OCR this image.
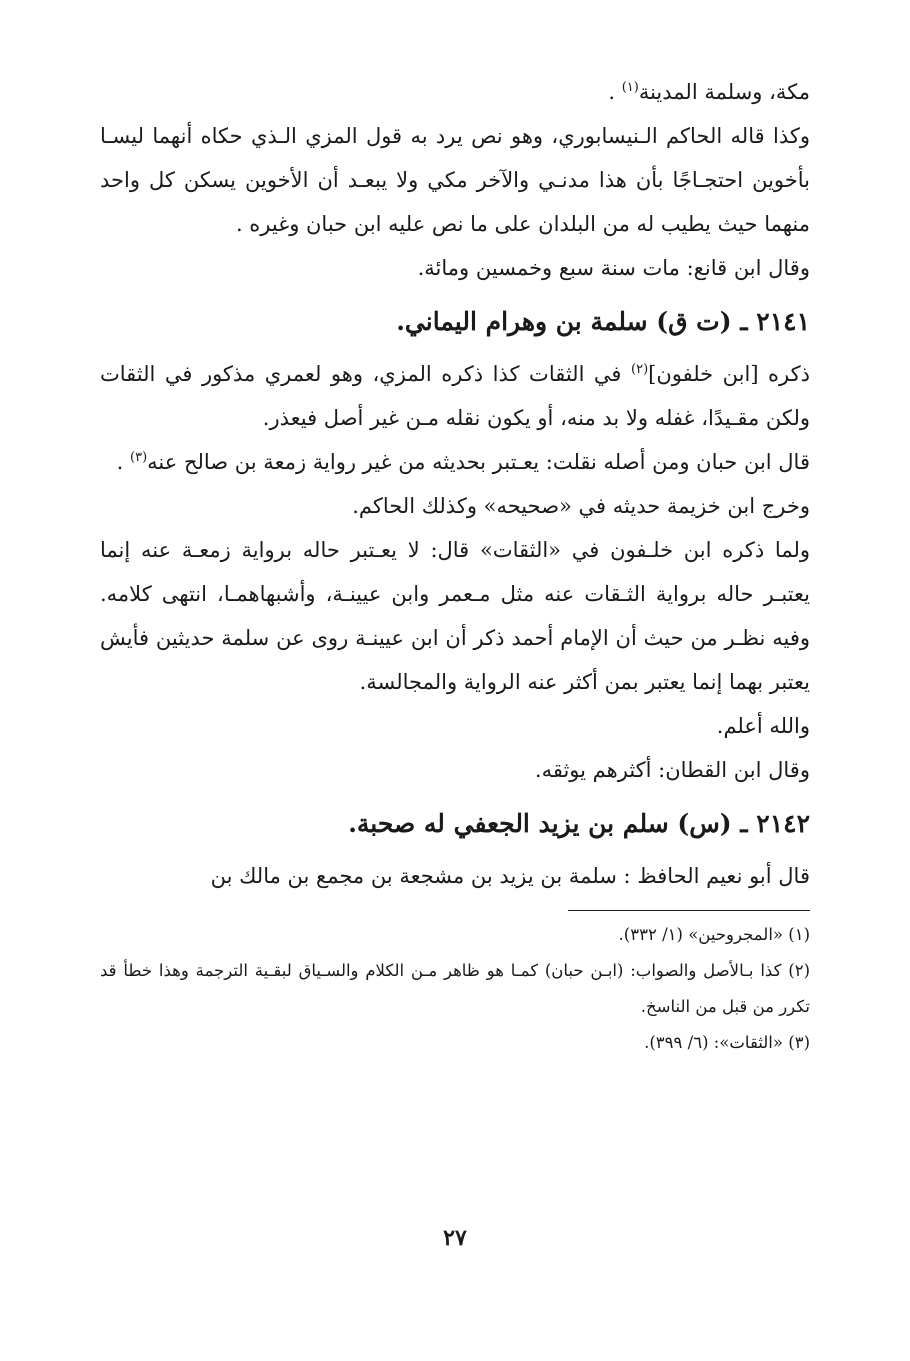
مكة، وسلمة المدينة$^{(١)}$ .

وكذا قاله الحاكم الـنيسابوري، وهو نص يرد به قول المزي الـذي حكاه أنهما ليسـا بأخوين احتجـاجًا بأن هذا مدنـي والآخر مكي ولا يبعـد أن الأخوين يسكن كل واحد منهما حيث يطيب له من البلدان على ما نص عليه ابن حبان وغيره .

وقال ابن قانع: مات سنة سبع وخمسين ومائة.

٢١٤١ ـ (ت ق) سلمة بن وهرام اليماني.

ذكره [ابن خلفون]$^{(٢)}$ في الثقات كذا ذكره المزي، وهو لعمري مذكور في الثقات ولكن مقـيدًا، غفله ولا بد منه، أو يكون نقله مـن غير أصل فيعذر.

قال ابن حبان ومن أصله نقلت: يعـتبر بحديثه من غير رواية زمعة بن صالح عنه$^{(٣)}$ .

وخرج ابن خزيمة حديثه في «صحيحه» وكذلك الحاكم.

ولما ذكره ابن خلـفون في «الثقات» قال: لا يعـتبر حاله برواية زمعـة عنه إنما يعتبـر حاله برواية الثـقات عنه مثل مـعمر وابن عيينـة، وأشبهاهمـا، انتهى كلامه. وفيه نظـر من حيث أن الإمام أحمد ذكر أن ابن عيينـة روى عن سلمة حديثين فأيش يعتبر بهما إنما يعتبر بمن أكثر عنه الرواية والمجالسة.

والله أعلم.

وقال ابن القطان: أكثرهم يوثقه.

٢١٤٢ ـ (س) سلم بن يزيد الجعفي له صحبة.

قال أبو نعيم الحافظ : سلمة بن يزيد بن مشجعة بن مجمع بن مالك بن

(١) «المجروحين» (١/ ٣٣٢).

(٢) كذا بـالأصل والصواب: (ابـن حبان) كمـا هو ظاهر مـن الكلام والسـياق لبقـية الترجمة وهذا خطأ قد تكرر من قبل من الناسخ.

(٣) «الثقات»: (٦/ ٣٩٩).

٢٧
